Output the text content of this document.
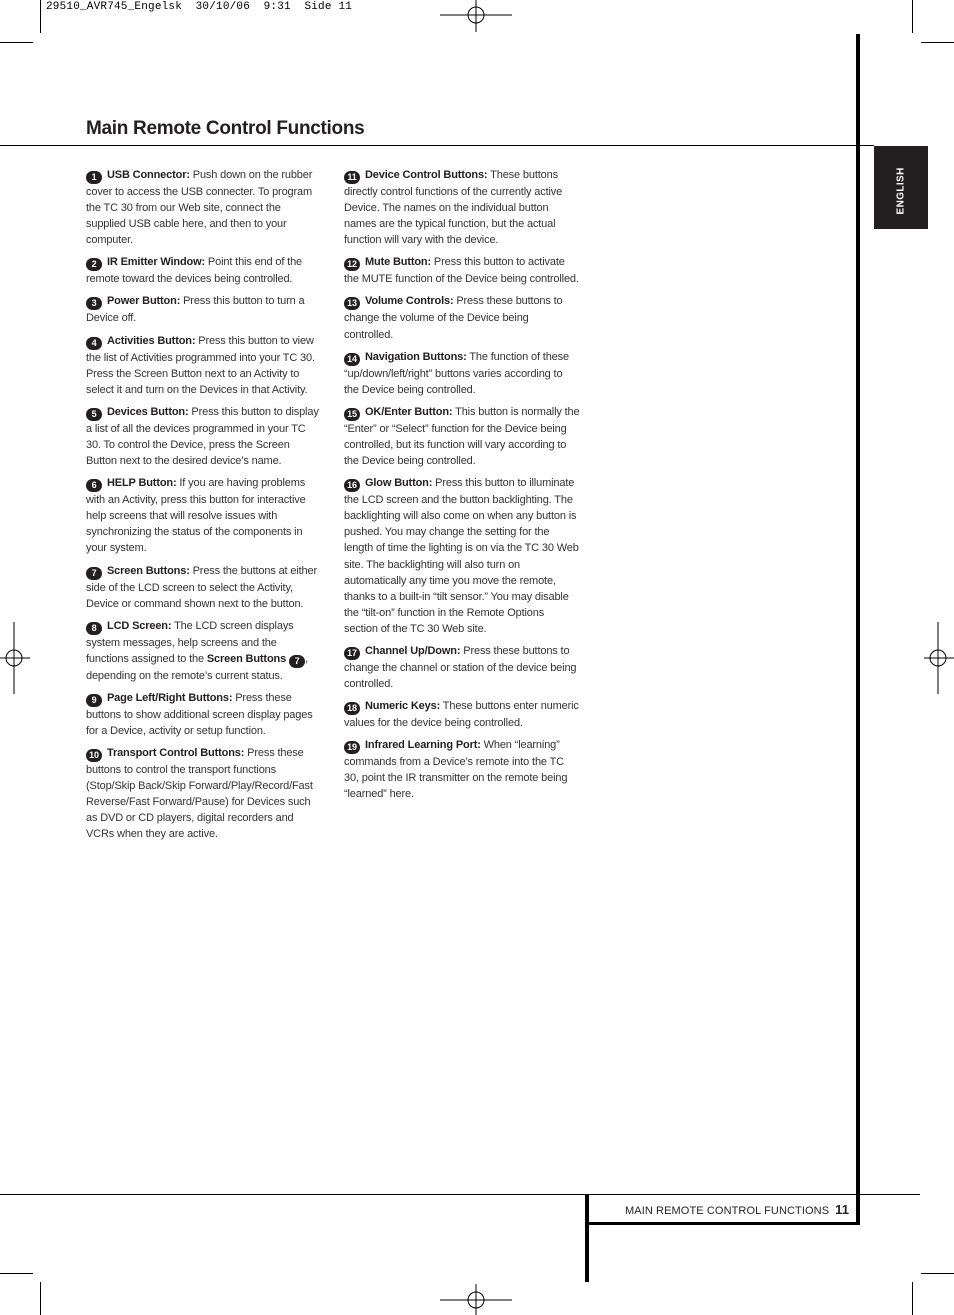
29510_AVR745_Engelsk  30/10/06  9:31  Side 11
Main Remote Control Functions
ENGLISH
1 USB Connector: Push down on the rubber cover to access the USB connecter. To program the TC 30 from our Web site, connect the supplied USB cable here, and then to your computer.
2 IR Emitter Window: Point this end of the remote toward the devices being controlled.
3 Power Button: Press this button to turn a Device off.
4 Activities Button: Press this button to view the list of Activities programmed into your TC 30. Press the Screen Button next to an Activity to select it and turn on the Devices in that Activity.
5 Devices Button: Press this button to display a list of all the devices programmed in your TC 30. To control the Device, press the Screen Button next to the desired device’s name.
6 HELP Button: If you are having problems with an Activity, press this button for interactive help screens that will resolve issues with synchronizing the status of the components in your system.
7 Screen Buttons: Press the buttons at either side of the LCD screen to select the Activity, Device or command shown next to the button.
8 LCD Screen: The LCD screen displays system messages, help screens and the functions assigned to the Screen Buttons 7 , depending on the remote’s current status.
9 Page Left/Right Buttons: Press these buttons to show additional screen display pages for a Device, activity or setup function.
10 Transport Control Buttons: Press these buttons to control the transport functions (Stop/Skip Back/Skip Forward/Play/Record/Fast Reverse/Fast Forward/Pause) for Devices such as DVD or CD players, digital recorders and VCRs when they are active.
11 Device Control Buttons: These buttons directly control functions of the currently active Device. The names on the individual button names are the typical function, but the actual function will vary with the device.
12 Mute Button: Press this button to activate the MUTE function of the Device being controlled.
13 Volume Controls: Press these buttons to change the volume of the Device being controlled.
14 Navigation Buttons: The function of these “up/down/left/right” buttons varies according to the Device being controlled.
15 OK/Enter Button: This button is normally the “Enter” or “Select” function for the Device being controlled, but its function will vary according to the Device being controlled.
16 Glow Button: Press this button to illuminate the LCD screen and the button backlighting. The backlighting will also come on when any button is pushed. You may change the setting for the length of time the lighting is on via the TC 30 Web site. The backlighting will also turn on automatically any time you move the remote, thanks to a built-in “tilt sensor.” You may disable the “tilt-on” function in the Remote Options section of the TC 30 Web site.
17 Channel Up/Down: Press these buttons to change the channel or station of the device being controlled.
18 Numeric Keys: These buttons enter numeric values for the device being controlled.
19 Infrared Learning Port: When “learning” commands from a Device’s remote into the TC 30, point the IR transmitter on the remote being “learned” here.
MAIN REMOTE CONTROL FUNCTIONS 11
